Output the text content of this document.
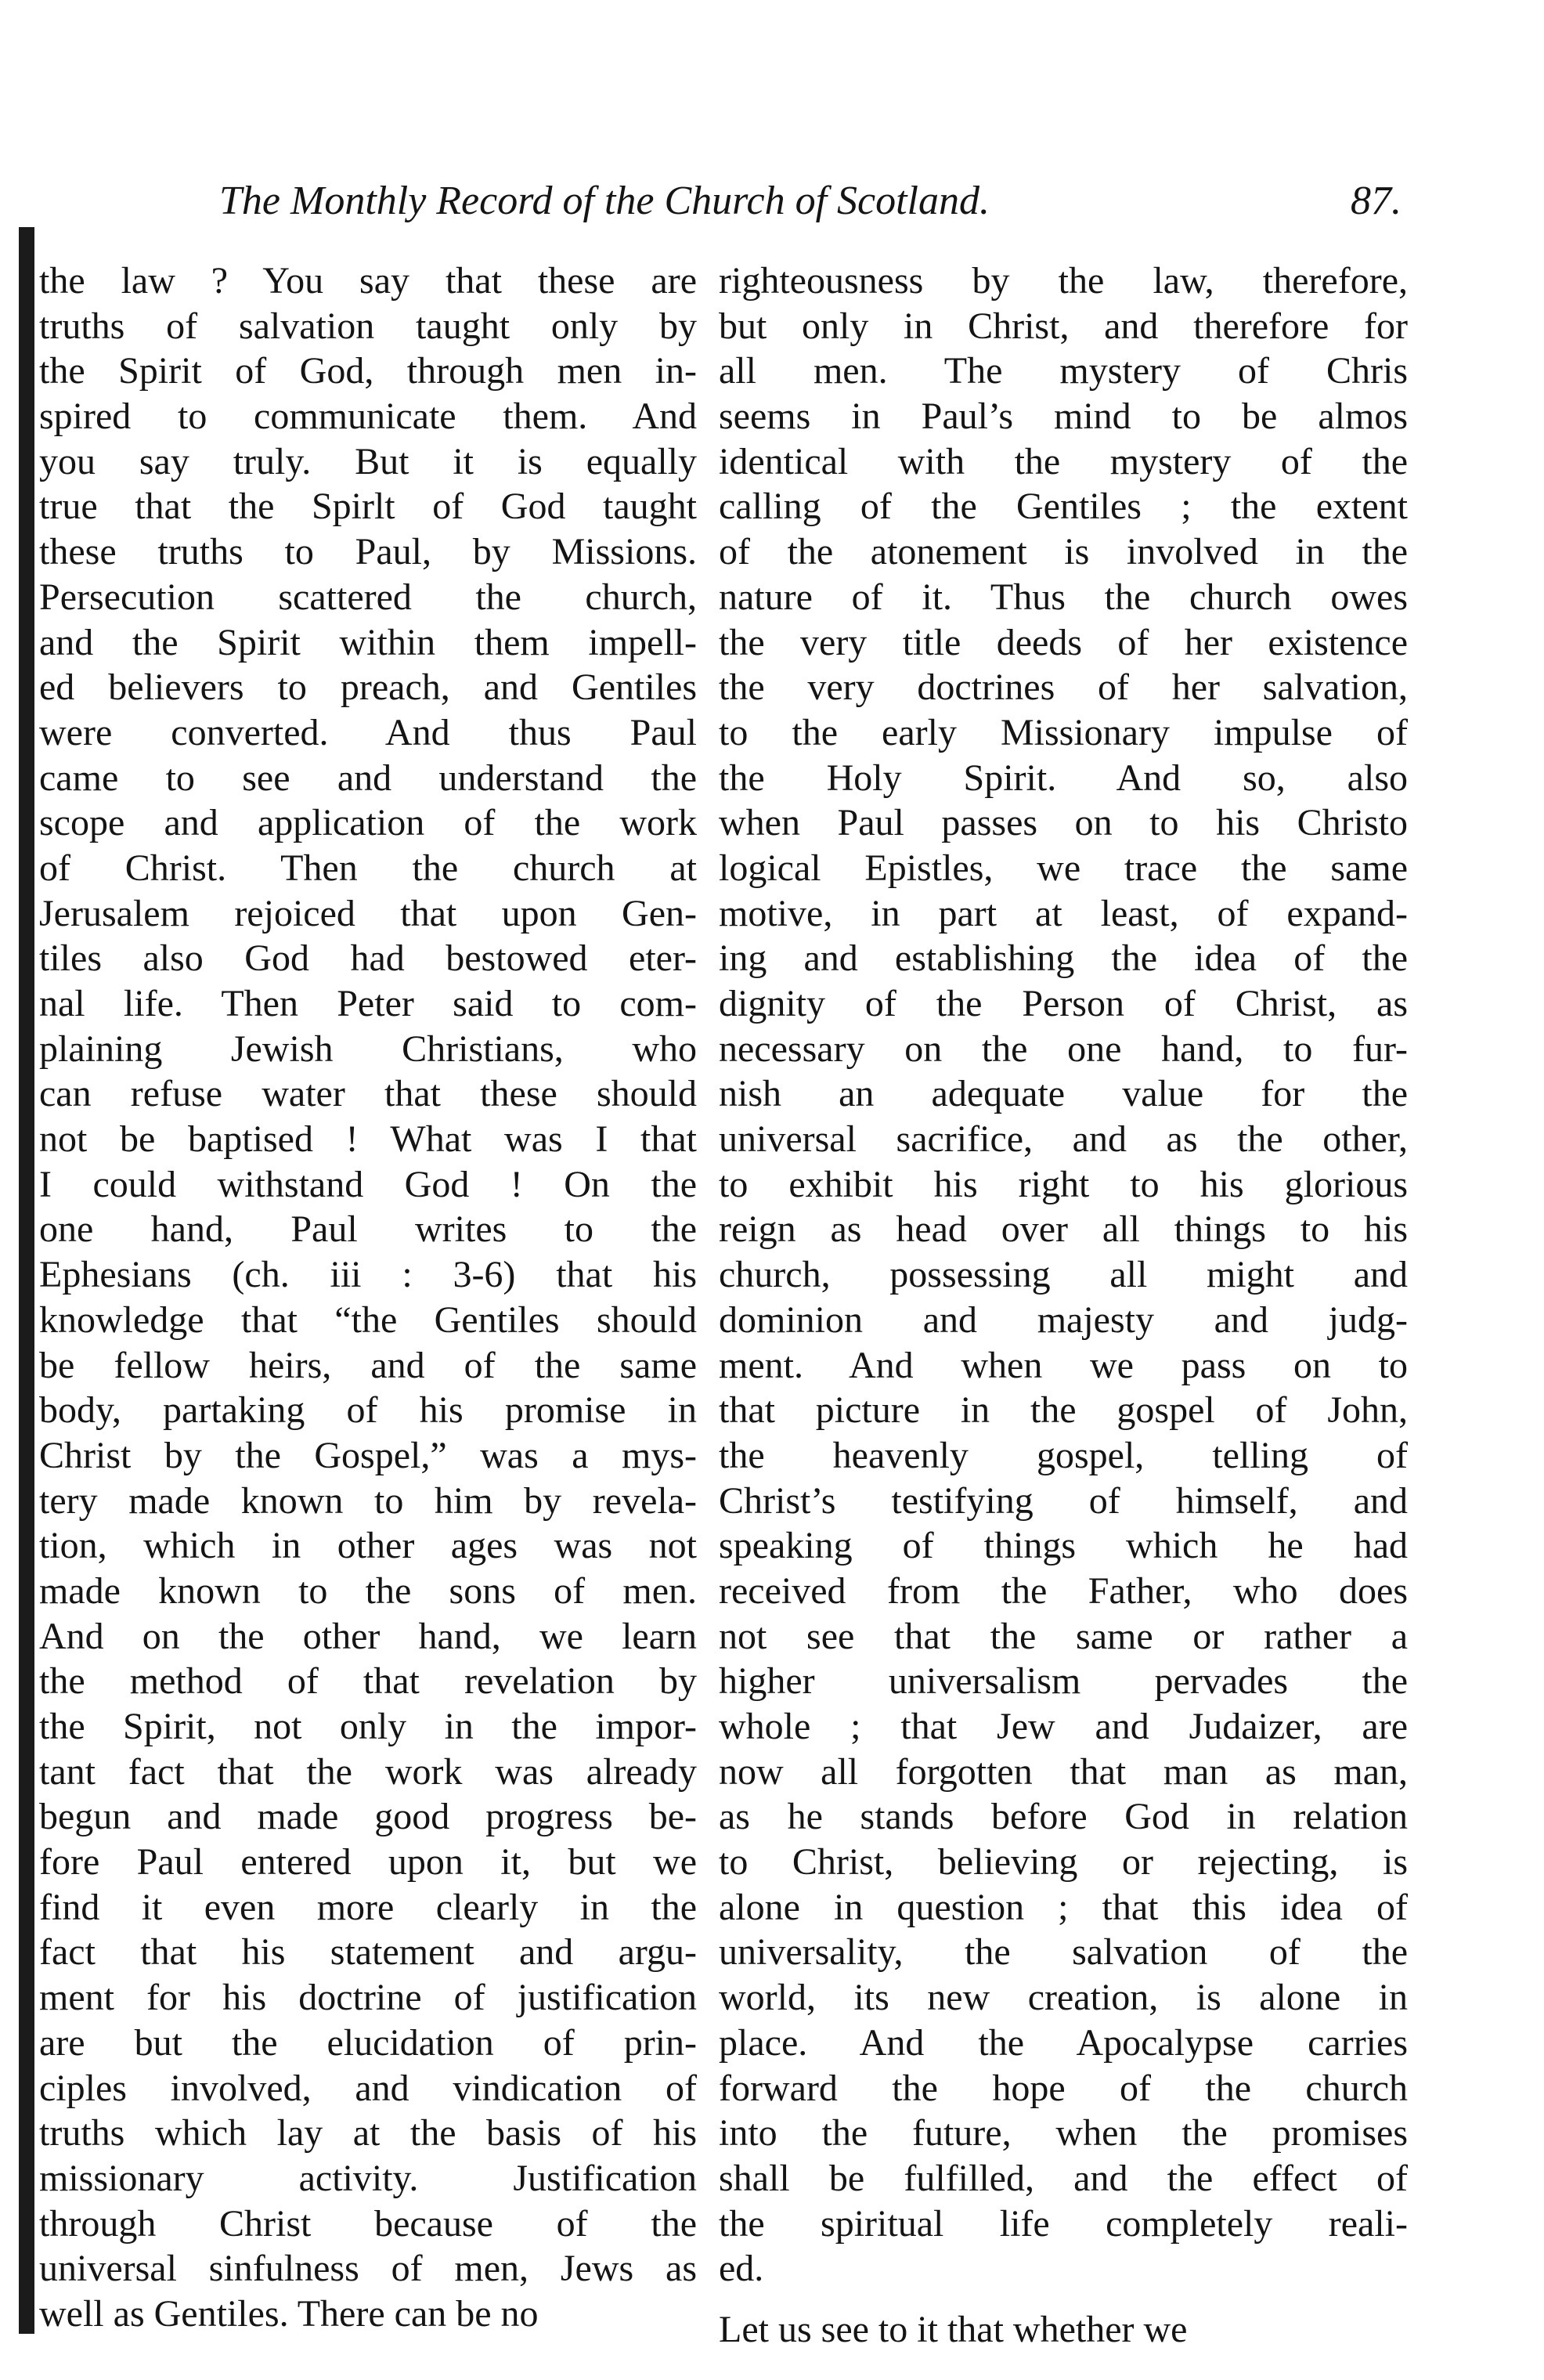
The Monthly Record of the Church of Scotland.	87.
the law ? You say that these are
truths of salvation taught only by
the Spirit of God, through men in-
spired to communicate them. And
you say truly. But it is equally
true that the Spirlt of God taught
these truths to Paul, by Missions.
Persecution scattered the church,
and the Spirit within them impell-
ed believers to preach, and Gentiles
were converted. And thus Paul
came to see and understand the
scope and application of the work
of Christ. Then the church at
Jerusalem rejoiced that upon Gen-
tiles also God had bestowed eter-
nal life. Then Peter said to com-
plaining Jewish Christians, who
can refuse water that these should
not be baptised ! What was I that
I could withstand God ! On the
one hand, Paul writes to the
Ephesians (ch. iii : 3-6) that his
knowledge that “the Gentiles should
be fellow heirs, and of the same
body, partaking of his promise in
Christ by the Gospel,” was a mys-
tery made known to him by revela-
tion, which in other ages was not
made known to the sons of men.
And on the other hand, we learn
the method of that revelation by
the Spirit, not only in the impor-
tant fact that the work was already
begun and made good progress be-
fore Paul entered upon it, but we
find it even more clearly in the
fact that his statement and argu-
ment for his doctrine of justification
are but the elucidation of prin-
ciples involved, and vindication of
truths which lay at the basis of his
missionary activity. Justification
through Christ because of the
universal sinfulness of men, Jews as
well as Gentiles. There can be no
righteousness by the law, therefore,
but only in Christ, and therefore for
all men. The mystery of Chris
seems in Paul’s mind to be almos
identical with the mystery of the
calling of the Gentiles ; the extent
of the atonement is involved in the
nature of it. Thus the church owes
the very title deeds of her existence
the very doctrines of her salvation,
to the early Missionary impulse of
the Holy Spirit. And so, also
when Paul passes on to his Christo
logical Epistles, we trace the same
motive, in part at least, of expand-
ing and establishing the idea of the
dignity of the Person of Christ, as
necessary on the one hand, to fur-
nish an adequate value for the
universal sacrifice, and as the other,
to exhibit his right to his glorious
reign as head over all things to his
church, possessing all might and
dominion and majesty and judg-
ment. And when we pass on to
that picture in the gospel of John,
the heavenly gospel, telling of
Christ’s testifying of himself, and
speaking of things which he had
received from the Father, who does
not see that the same or rather a
higher universalism pervades the
whole ; that Jew and Judaizer, are
now all forgotten that man as man,
as he stands before God in relation
to Christ, believing or rejecting, is
alone in question ; that this idea of
universality, the salvation of the
world, its new creation, is alone in
place. And the Apocalypse carries
forward the hope of the church
into the future, when the promises
shall be fulfilled, and the effect of
the spiritual life completely reali-
ed.
Let us see to it that whether we
